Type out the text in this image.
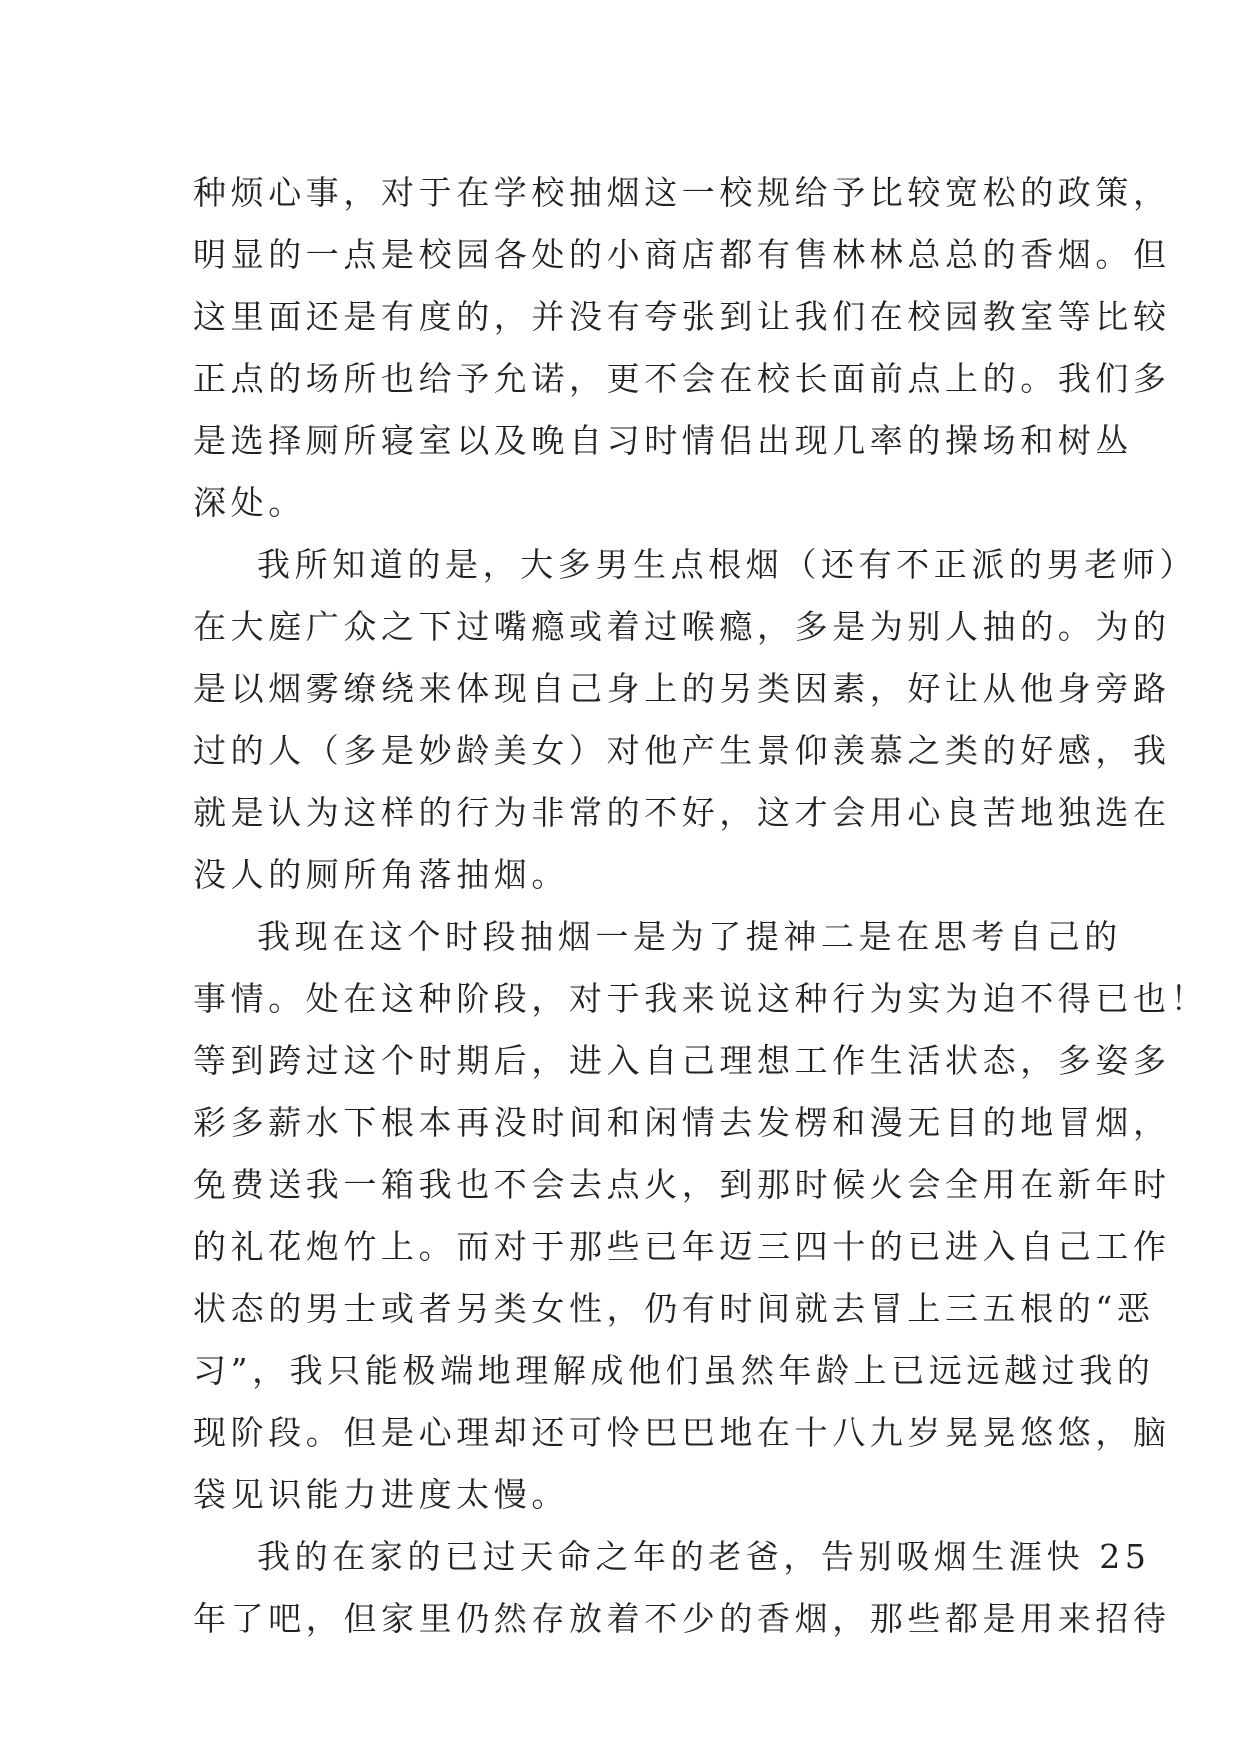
种烦心事，对于在学校抽烟这一校规给予比较宽松的政策，
明显的一点是校园各处的小商店都有售林林总总的香烟。但
这里面还是有度的，并没有夸张到让我们在校园教室等比较
正点的场所也给予允诺，更不会在校长面前点上的。我们多
是选择厕所寝室以及晚自习时情侣出现几率的操场和树丛
深处。
我所知道的是，大多男生点根烟（还有不正派的男老师）
在大庭广众之下过嘴瘾或着过喉瘾，多是为别人抽的。为的
是以烟雾缭绕来体现自己身上的另类因素，好让从他身旁路
过的人（多是妙龄美女）对他产生景仰羡慕之类的好感，我
就是认为这样的行为非常的不好，这才会用心良苦地独选在
没人的厕所角落抽烟。
我现在这个时段抽烟一是为了提神二是在思考自己的
事情。处在这种阶段，对于我来说这种行为实为迫不得已也！
等到跨过这个时期后，进入自己理想工作生活状态，多姿多
彩多薪水下根本再没时间和闲情去发楞和漫无目的地冒烟，
免费送我一箱我也不会去点火，到那时候火会全用在新年时
的礼花炮竹上。而对于那些已年迈三四十的已进入自己工作
状态的男士或者另类女性，仍有时间就去冒上三五根的“恶
习”，我只能极端地理解成他们虽然年龄上已远远越过我的
现阶段。但是心理却还可怜巴巴地在十八九岁晃晃悠悠，脑
袋见识能力进度太慢。
我的在家的已过天命之年的老爸，告别吸烟生涯快 25
年了吧，但家里仍然存放着不少的香烟，那些都是用来招待
